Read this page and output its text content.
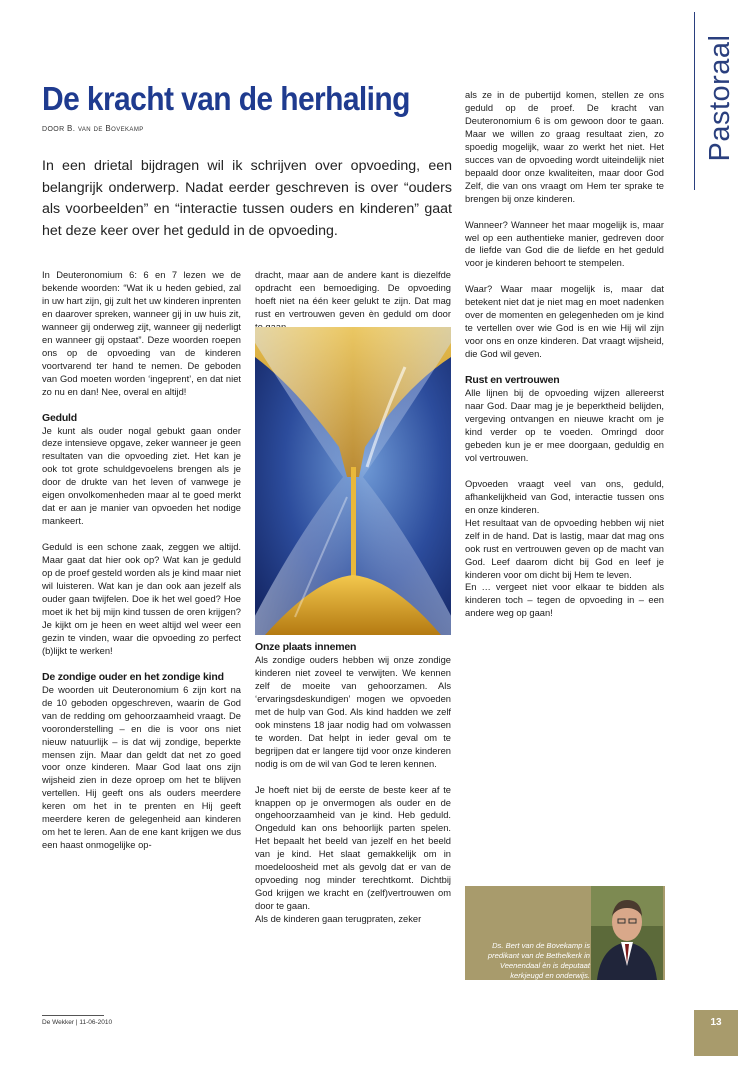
Pastoraal
De kracht van de herhaling
DOOR B. van de Bovekamp
In een drietal bijdragen wil ik schrijven over opvoeding, een belangrijk onderwerp. Nadat eerder geschreven is over “ouders als voorbeelden” en “interactie tussen ouders en kinderen” gaat het deze keer over het geduld in de opvoeding.

In Deuteronomium 6: 6 en 7 lezen we de bekende woorden: “Wat ik u heden gebied, zal in uw hart zijn, gij zult het uw kinderen inprenten en daarover spreken, wanneer gij in uw huis zit, wanneer gij onderweg zijt, wanneer gij nederligt en wanneer gij opstaat”. Deze woorden roepen ons op de opvoeding van de kinderen voortvarend ter hand te nemen. De geboden van God moeten worden ‘ingeprent’, en dat niet zo nu en dan! Nee, overal en altijd!

Geduld

Je kunt als ouder nogal gebukt gaan onder deze intensieve opgave, zeker wanneer je geen resultaten van die opvoeding ziet. Het kan je ook tot grote schuldgevoelens brengen als je door de drukte van het leven of vanwege je eigen onvolkomenheden maar al te goed merkt dat er aan je manier van opvoeden het nodige mankeert.

Geduld is een schone zaak, zeggen we altijd. Maar gaat dat hier ook op? Wat kan je geduld op de proef gesteld worden als je kind maar niet wil luisteren. Wat kan je dan ook aan jezelf als ouder gaan twijfelen. Doe ik het wel goed? Hoe moet ik het bij mijn kind tussen de oren krijgen? Je kijkt om je heen en weet altijd wel weer een gezin te vinden, waar die opvoeding zo perfect (b)lijkt te werken!

De zondige ouder en het zondige kind

De woorden uit Deuteronomium 6 zijn kort na de 10 geboden opgeschreven, waarin de God van de redding om gehoorzaamheid vraagt. De vooronderstelling – en die is voor ons niet nieuw natuurlijk – is dat wij zondige, beperkte mensen zijn. Maar dan geldt dat net zo goed voor onze kinderen. Maar God laat ons zijn wijsheid zien in deze oproep om het te blijven vertellen. Hij geeft ons als ouders meerdere keren om het in te prenten en Hij geeft meerdere keren de gelegenheid aan kinderen om het te leren. Aan de ene kant krijgen we dus een haast onmogelijke op-

dracht, maar aan de andere kant is diezelfde opdracht een bemoediging. De opvoeding hoeft niet na één keer gelukt te zijn. Dat mag rust en vertrouwen geven èn geduld om door

Onze plaats innemen

Als zondige ouders hebben wij onze zondige kinderen niet zoveel te verwijten. We kennen zelf de moeite van gehoorzamen. Als ‘ervaringsdeskundigen’ mogen we opvoeden met de hulp van God. Als kind hadden we zelf ook minstens 18 jaar nodig had om volwassen te worden. Dat helpt in ieder geval om te begrijpen dat er langere tijd voor onze kinderen nodig is om de wil van God te leren kennen.

Je hoeft niet bij de eerste de beste keer af te knappen op je onvermogen als ouder en de ongehoorzaamheid van je kind. Heb geduld. Ongeduld kan ons behoorlijk parten spelen. Het bepaalt het beeld van jezelf en het beeld van je kind. Het slaat gemakkelijk om in moedeloosheid met als gevolg dat er van de opvoeding nog minder terechtkomt. Dichtbij God krijgen we kracht en (zelf)vertrouwen om door te gaan.

Als de kinderen gaan terugpraten, zeker

als ze in de pubertijd komen, stellen ze ons geduld op de proef. De kracht van Deuteronomium 6 is om gewoon door te gaan. Maar we willen zo graag resultaat zien, zo spoedig mogelijk, waar zo werkt het niet. Het succes van de opvoeding wordt uiteindelijk niet bepaald door onze kwaliteiten, maar door God Zelf, die van ons vraagt om Hem ter sprake te brengen bij onze kinderen.

Wanneer? Wanneer het maar mogelijk is, maar wel op een authentieke manier, gedreven door de liefde van God die de liefde en het geduld voor je kinderen behoort te stempelen.

Waar? Waar maar mogelijk is, maar dat betekent niet dat je niet mag en moet nadenken over de momenten en gelegenheden om je kind te vertellen over wie God is en wie Hij wil zijn voor ons en onze kinderen. Dat vraagt wijsheid, die God wil geven.

Rust en vertrouwen

Alle lijnen bij de opvoeding wijzen allereerst naar God. Daar mag je je beperktheid belijden, vergeving ontvangen en nieuwe kracht om je kind verder op te voeden. Omringd door gebeden kun je er mee doorgaan, geduldig en vol vertrouwen.

Opvoeden vraagt veel van ons, geduld, afhankelijkheid van God, interactie tussen ons en onze kinderen.

Het resultaat van de opvoeding hebben wij niet zelf in de hand. Dat is lastig, maar dat mag ons ook rust en vertrouwen geven op de macht van God. Leef daarom dicht bij God en leef je kinderen voor om dicht bij Hem te leven.

En … vergeet niet voor elkaar te bidden als kinderen toch – tegen de opvoeding in – een andere weg op gaan!

Ds. Bert van de Bovekamp is predikant van de Bethelkerk in Veenendaal èn is deputaat kerkjeugd en onderwijs.
De Wekker | 11-06-2010	13
